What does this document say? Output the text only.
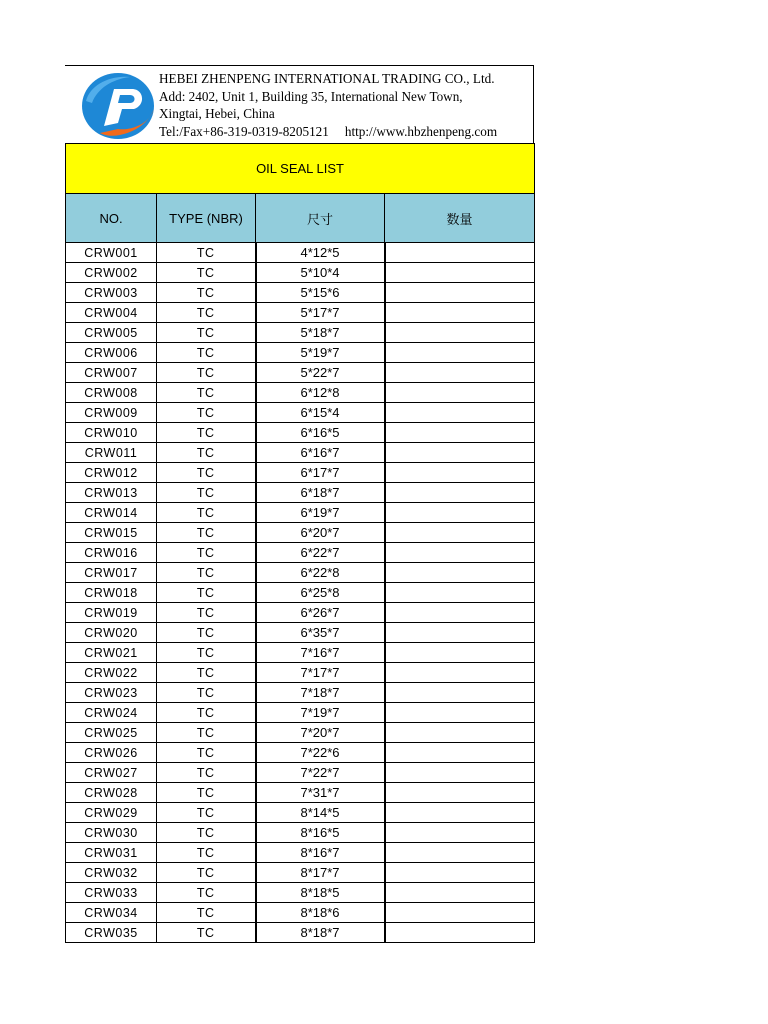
HEBEI ZHENPENG INTERNATIONAL TRADING CO., Ltd.
Add: 2402, Unit 1, Building 35, International New Town,
Xingtai, Hebei, China
Tel:/Fax+86-319-0319-8205121 http://www.hbzhenpeng.com
OIL SEAL LIST			
NO.	TYPE (NBR)	尺寸	数量
CRW001	TC	4*12*5	
CRW002	TC	5*10*4	
CRW003	TC	5*15*6	
CRW004	TC	5*17*7	
CRW005	TC	5*18*7	
CRW006	TC	5*19*7	
CRW007	TC	5*22*7	
CRW008	TC	6*12*8	
CRW009	TC	6*15*4	
CRW010	TC	6*16*5	
CRW011	TC	6*16*7	
CRW012	TC	6*17*7	
CRW013	TC	6*18*7	
CRW014	TC	6*19*7	
CRW015	TC	6*20*7	
CRW016	TC	6*22*7	
CRW017	TC	6*22*8	
CRW018	TC	6*25*8	
CRW019	TC	6*26*7	
CRW020	TC	6*35*7	
CRW021	TC	7*16*7	
CRW022	TC	7*17*7	
CRW023	TC	7*18*7	
CRW024	TC	7*19*7	
CRW025	TC	7*20*7	
CRW026	TC	7*22*6	
CRW027	TC	7*22*7	
CRW028	TC	7*31*7	
CRW029	TC	8*14*5	
CRW030	TC	8*16*5	
CRW031	TC	8*16*7	
CRW032	TC	8*17*7	
CRW033	TC	8*18*5	
CRW034	TC	8*18*6	
CRW035	TC	8*18*7	
